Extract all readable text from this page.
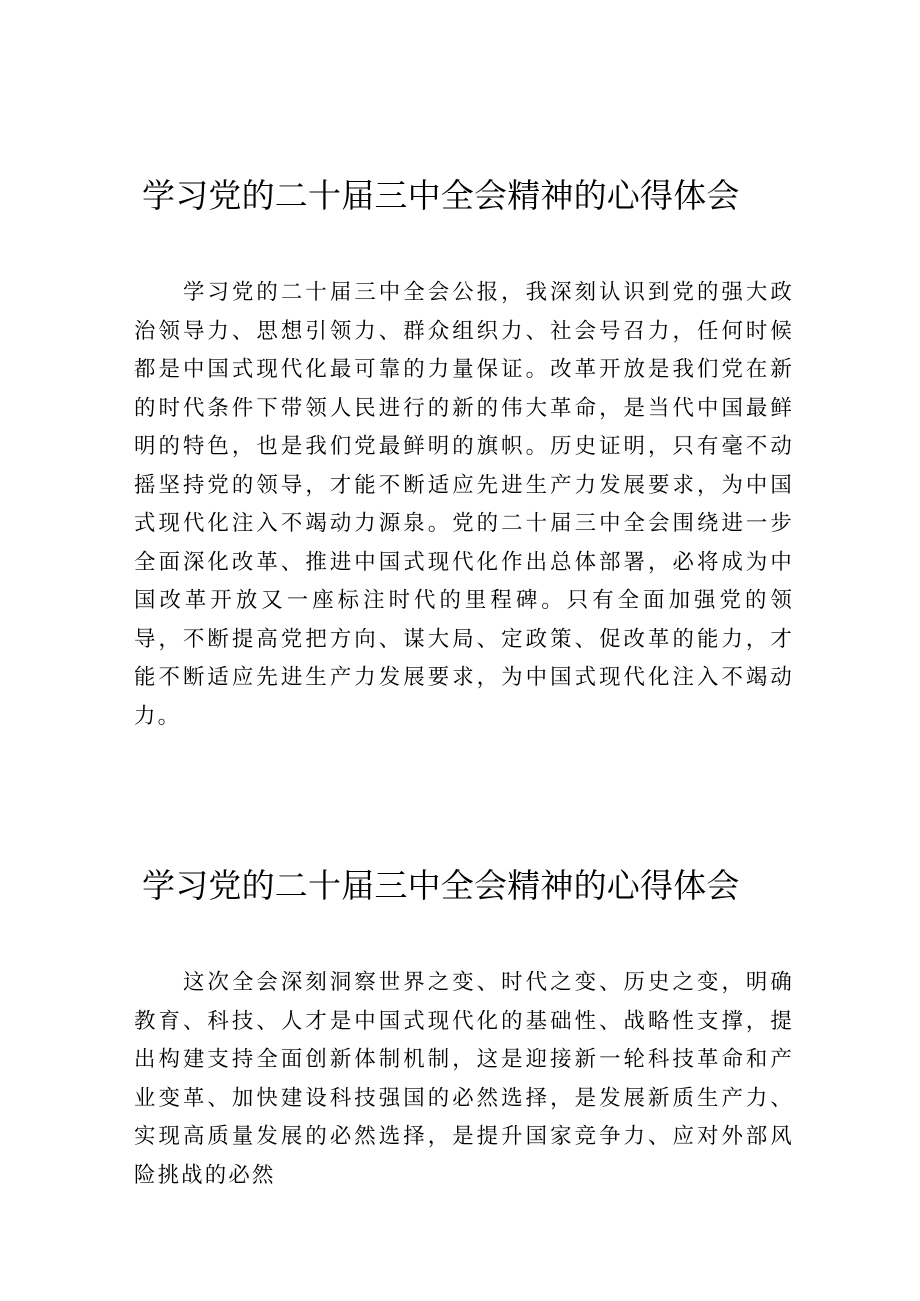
学习党的二十届三中全会精神的心得体会

学习党的二十届三中全会公报，我深刻认识到党的强大政治领导力、思想引领力、群众组织力、社会号召力，任何时候都是中国式现代化最可靠的力量保证。改革开放是我们党在新的时代条件下带领人民进行的新的伟大革命，是当代中国最鲜明的特色，也是我们党最鲜明的旗帜。历史证明，只有毫不动摇坚持党的领导，才能不断适应先进生产力发展要求，为中国式现代化注入不竭动力源泉。党的二十届三中全会围绕进一步全面深化改革、推进中国式现代化作出总体部署，必将成为中国改革开放又一座标注时代的里程碑。只有全面加强党的领导，不断提高党把方向、谋大局、定政策、促改革的能力，才能不断适应先进生产力发展要求，为中国式现代化注入不竭动力。

学习党的二十届三中全会精神的心得体会

这次全会深刻洞察世界之变、时代之变、历史之变，明确教育、科技、人才是中国式现代化的基础性、战略性支撑，提出构建支持全面创新体制机制，这是迎接新一轮科技革命和产业变革、加快建设科技强国的必然选择，是发展新质生产力、实现高质量发展的必然选择，是提升国家竞争力、应对外部风险挑战的必然
